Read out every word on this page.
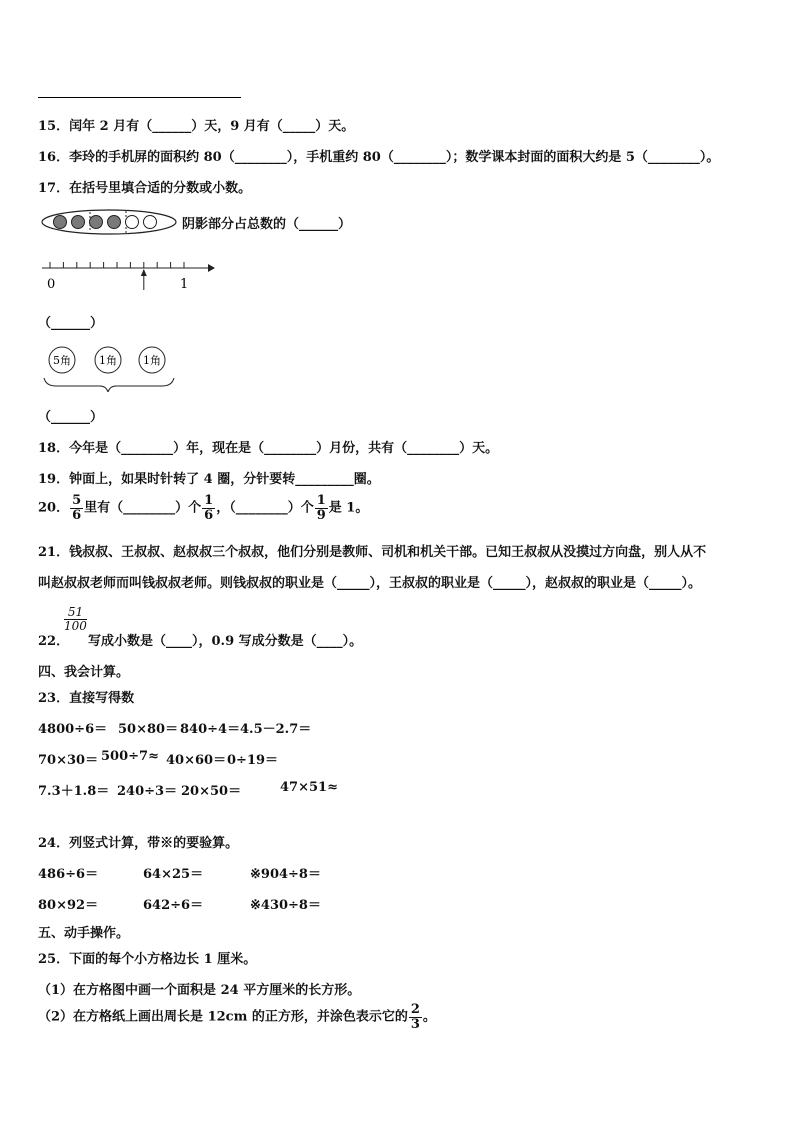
15．闰年 2 月有（______）天，9 月有（_____）天。
16．李玲的手机屏的面积约 80（________），手机重约 80（________）；数学课本封面的面积大约是 5（________）。
17．在括号里填合适的分数或小数。
阴影部分占总数的（______）
0	1
（______）
5角	1角 1角
（______）
18．今年是（________）年，现在是（________）月份，共有（________）天。
19．钟面上，如果时针转了 4 圈，分针要转_________圈。
20． $\frac{5}{6}$ 里有（________）个 $\frac{1}{6}$ ，（________）个 $\frac{1}{9}$ 是 1。
21．钱叔叔、王叔叔、赵叔叔三个叔叔，他们分别是教师、司机和机关干部。已知王叔叔从没摸过方向盘，别人从不
叫赵叔叔老师而叫钱叔叔老师。则钱叔叔的职业是（_____），王叔叔的职业是（_____），赵叔叔的职业是（_____）。
51
100
22． 写成小数是（____），0.9 写成分数是（____）。
四、我会计算。
23．直接写得数
4800÷6＝ 50×80＝ 840÷4＝ 4.5－2.7＝
70×30＝ 500÷7≈ 40×60＝ 0÷19＝
7.3＋1.8＝ 240÷3＝ 20×50＝	47×51≈
24．列竖式计算，带※的要验算。
486÷6＝	64×25＝	※904÷8＝
80×92＝	642÷6＝	※430÷8＝
五、动手操作。
25．下面的每个小方格边长 1 厘米。
（1）在方格图中画一个面积是 24 平方厘米的长方形。
（2）在方格纸上画出周长是 12cm 的正方形，并涂色表示它的 $\frac{2}{3}$ 。
